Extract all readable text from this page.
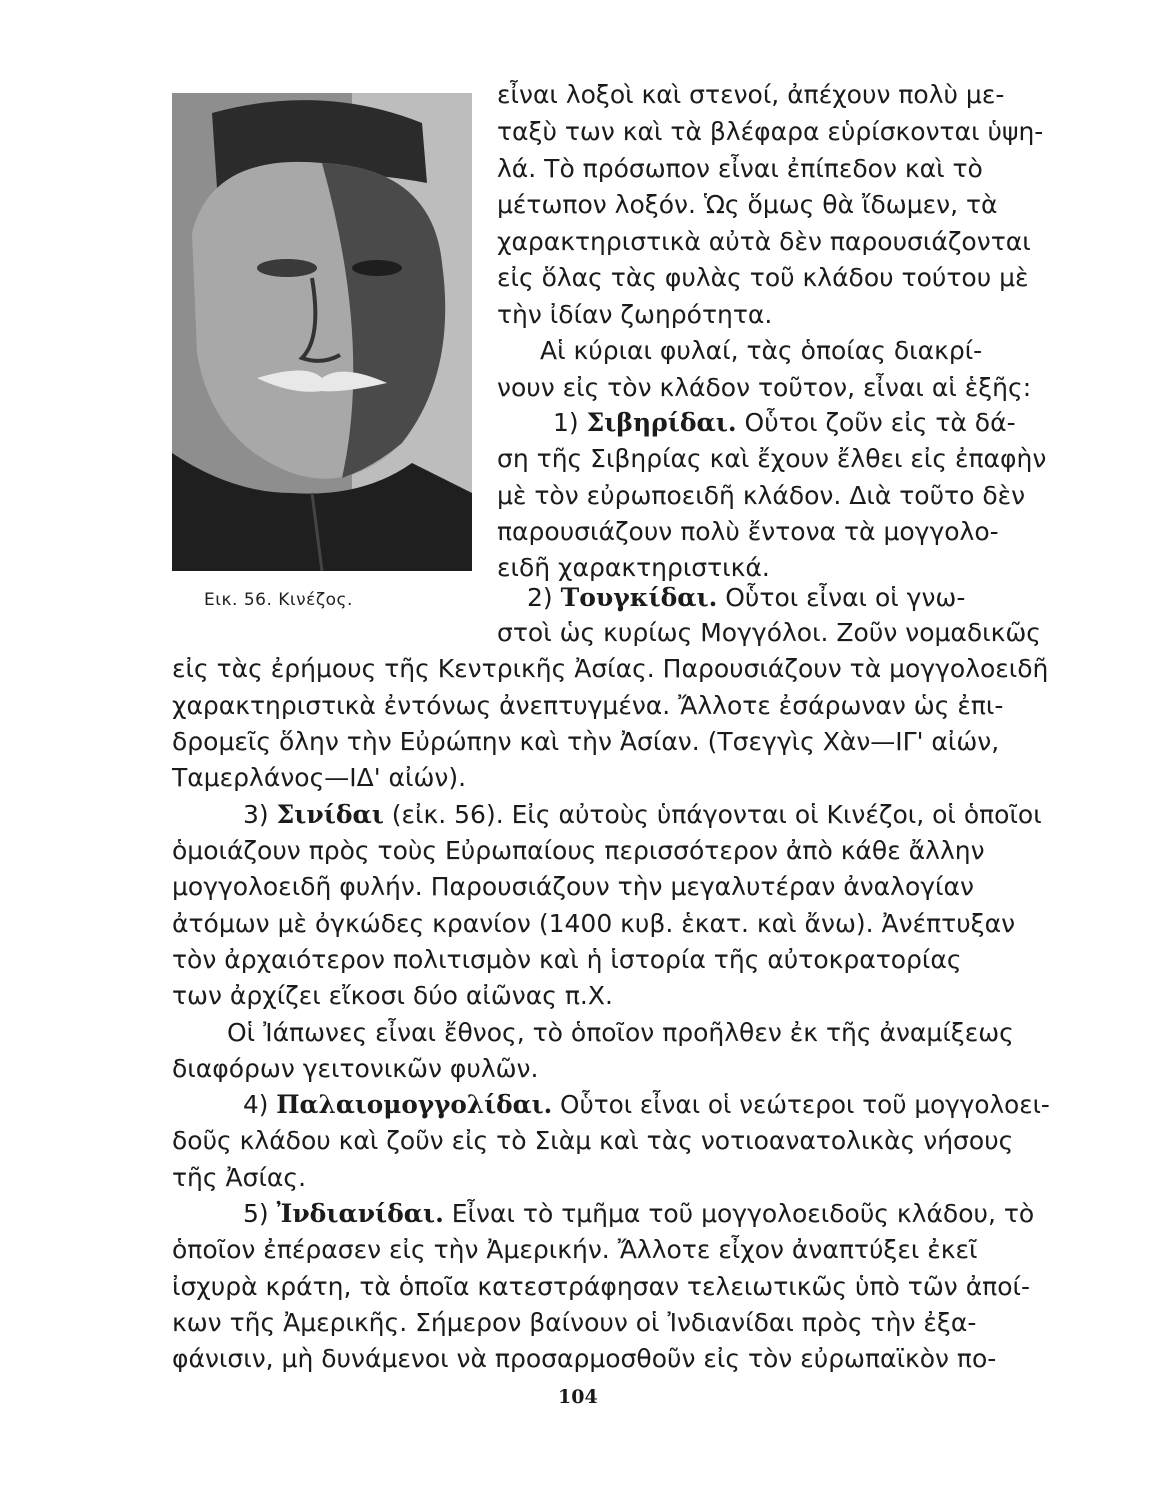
Εικ. 56. Κινέζος.
εἶναι λοξοὶ καὶ στενοί, ἀπέχουν πολὺ με-
ταξὺ των καὶ τὰ βλέφαρα εὑρίσκονται ὑψη-
λά. Τὸ πρόσωπον εἶναι ἐπίπεδον καὶ τὸ
μέτωπον λοξόν. Ὡς ὅμως θὰ ἴδωμεν, τὰ
χαρακτηριστικὰ αὐτὰ δὲν παρουσιάζονται
εἰς ὅλας τὰς φυλὰς τοῦ κλάδου τούτου μὲ
τὴν ἰδίαν ζωηρότητα.
Αἱ κύριαι φυλαί, τὰς ὁποίας διακρί-
νουν εἰς τὸν κλάδον τοῦτον, εἶναι αἱ ἑξῆς:
1) Σιβηρίδαι. Οὗτοι ζοῦν εἰς τὰ δά-
ση τῆς Σιβηρίας καὶ ἔχουν ἔλθει εἰς ἐπαφὴν
μὲ τὸν εὐρωποειδῆ κλάδον. Διὰ τοῦτο δὲν
παρουσιάζουν πολὺ ἔντονα τὰ μογγολο-
ειδῆ χαρακτηριστικά.
2) Τουγκίδαι. Οὗτοι εἶναι οἱ γνω-
στοὶ ὡς κυρίως Μογγόλοι. Ζοῦν νομαδικῶς
εἰς τὰς ἐρήμους τῆς Κεντρικῆς Ἀσίας. Παρουσιάζουν τὰ μογγολοειδῆ
χαρακτηριστικὰ ἐντόνως ἀνεπτυγμένα. Ἄλλοτε ἐσάρωναν ὡς ἐπι-
δρομεῖς ὅλην τὴν Εὐρώπην καὶ τὴν Ἀσίαν. (Τσεγγὶς Χὰν—ΙΓ' αἰών,
Ταμερλάνος—ΙΔ' αἰών).
3) Σινίδαι (εἰκ. 56). Εἰς αὐτοὺς ὑπάγονται οἱ Κινέζοι, οἱ ὁποῖοι
ὁμοιάζουν πρὸς τοὺς Εὐρωπαίους περισσότερον ἀπὸ κάθε ἄλλην
μογγολοειδῆ φυλήν. Παρουσιάζουν τὴν μεγαλυτέραν ἀναλογίαν
ἀτόμων μὲ ὀγκώδες κρανίον (1400 κυβ. ἑκατ. καὶ ἄνω). Ἀνέπτυξαν
τὸν ἀρχαιότερον πολιτισμὸν καὶ ἡ ἱστορία τῆς αὐτοκρατορίας
των ἀρχίζει εἴκοσι δύο αἰῶνας π.Χ.
Οἱ Ἰάπωνες εἶναι ἔθνος, τὸ ὁποῖον προῆλθεν ἐκ τῆς ἀναμίξεως
διαφόρων γειτονικῶν φυλῶν.
4) Παλαιομογγολίδαι. Οὗτοι εἶναι οἱ νεώτεροι τοῦ μογγολοει-
δοῦς κλάδου καὶ ζοῦν εἰς τὸ Σιὰμ καὶ τὰς νοτιοανατολικὰς νήσους
τῆς Ἀσίας.
5) Ἰνδιανίδαι. Εἶναι τὸ τμῆμα τοῦ μογγολοειδοῦς κλάδου, τὸ
ὁποῖον ἐπέρασεν εἰς τὴν Ἀμερικήν. Ἄλλοτε εἶχον ἀναπτύξει ἐκεῖ
ἰσχυρὰ κράτη, τὰ ὁποῖα κατεστράφησαν τελειωτικῶς ὑπὸ τῶν ἀποί-
κων τῆς Ἀμερικῆς. Σήμερον βαίνουν οἱ Ἰνδιανίδαι πρὸς τὴν ἐξα-
φάνισιν, μὴ δυνάμενοι νὰ προσαρμοσθοῦν εἰς τὸν εὐρωπαϊκὸν πο-
104
